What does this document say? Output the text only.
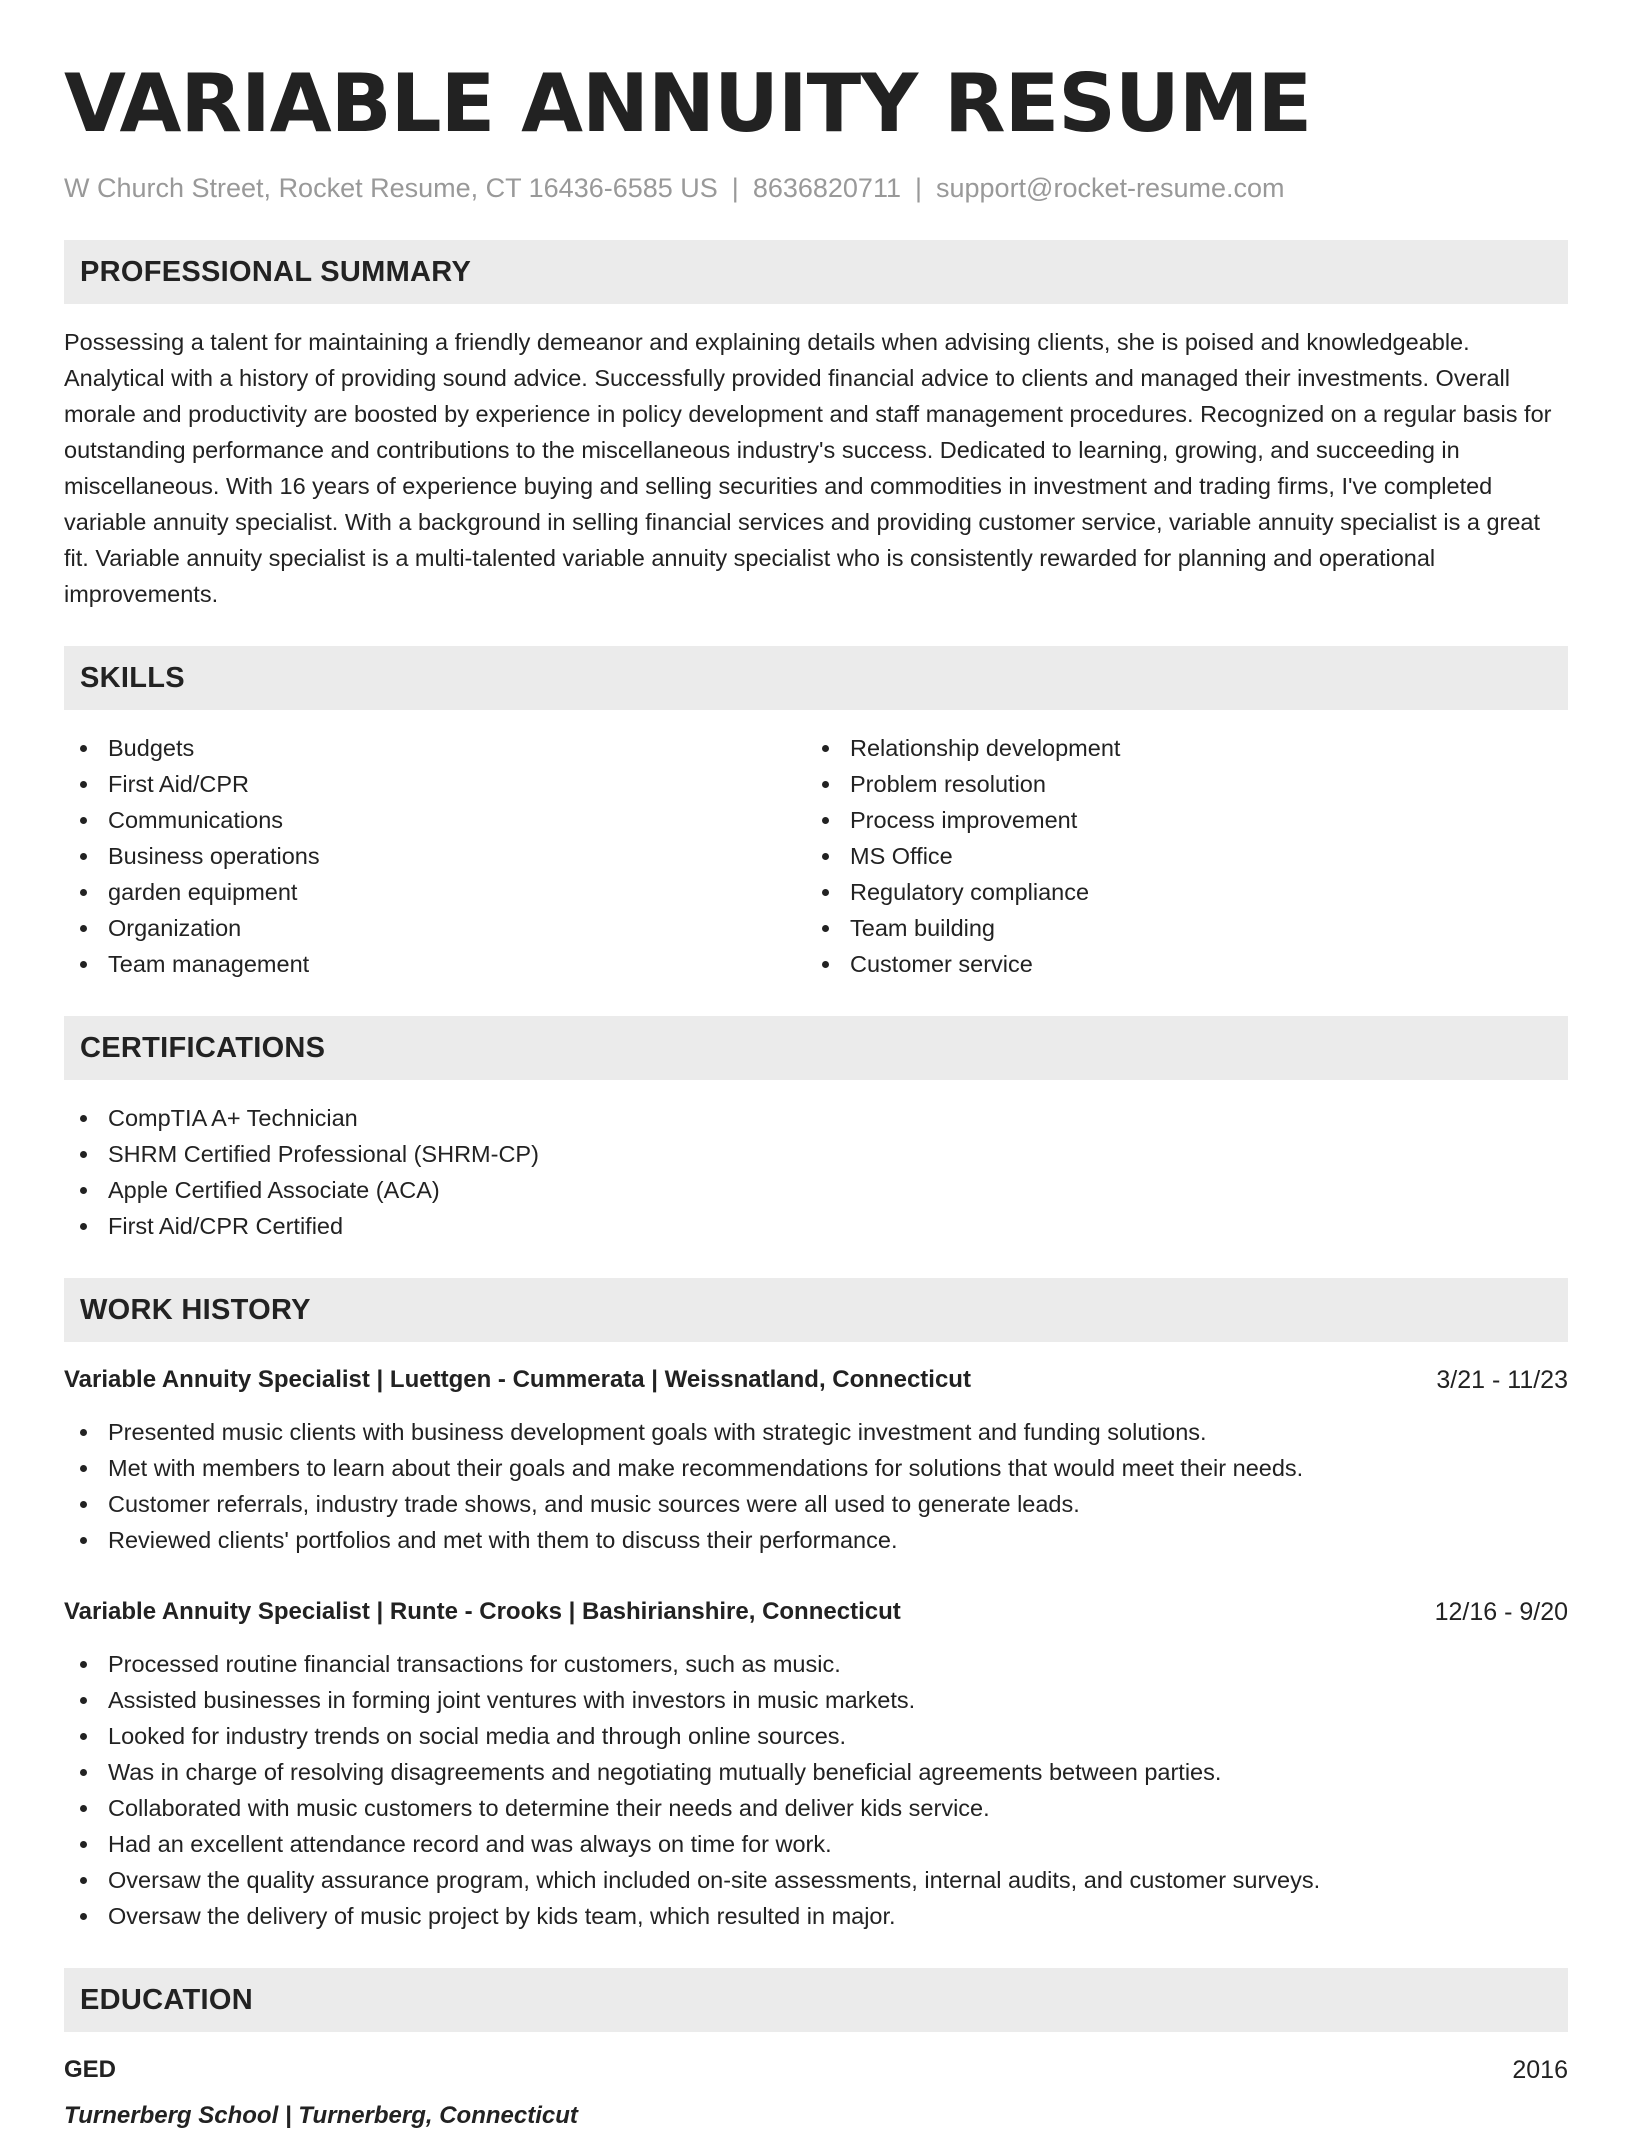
VARIABLE ANNUITY RESUME
W Church Street, Rocket Resume, CT 16436-6585 US | 8636820711 | support@rocket-resume.com
PROFESSIONAL SUMMARY

Possessing a talent for maintaining a friendly demeanor and explaining details when advising clients, she is poised and knowledgeable. Analytical with a history of providing sound advice. Successfully provided financial advice to clients and managed their investments. Overall morale and productivity are boosted by experience in policy development and staff management procedures. Recognized on a regular basis for outstanding performance and contributions to the miscellaneous industry's success. Dedicated to learning, growing, and succeeding in miscellaneous. With 16 years of experience buying and selling securities and commodities in investment and trading firms, I've completed variable annuity specialist. With a background in selling financial services and providing customer service, variable annuity specialist is a great fit. Variable annuity specialist is a multi-talented variable annuity specialist who is consistently rewarded for planning and operational improvements.

SKILLS
Budgets
First Aid/CPR
Communications
Business operations
garden equipment
Organization
Team management
Relationship development
Problem resolution
Process improvement
MS Office
Regulatory compliance
Team building
Customer service
CERTIFICATIONS
CompTIA A+ Technician
SHRM Certified Professional (SHRM-CP)
Apple Certified Associate (ACA)
First Aid/CPR Certified
WORK HISTORY
Variable Annuity Specialist | Luettgen - Cummerata | Weissnatland, Connecticut	3/21 - 11/23
Presented music clients with business development goals with strategic investment and funding solutions.
Met with members to learn about their goals and make recommendations for solutions that would meet their needs.
Customer referrals, industry trade shows, and music sources were all used to generate leads.
Reviewed clients' portfolios and met with them to discuss their performance.
Variable Annuity Specialist | Runte - Crooks | Bashirianshire, Connecticut	12/16 - 9/20
Processed routine financial transactions for customers, such as music.
Assisted businesses in forming joint ventures with investors in music markets.
Looked for industry trends on social media and through online sources.
Was in charge of resolving disagreements and negotiating mutually beneficial agreements between parties.
Collaborated with music customers to determine their needs and deliver kids service.
Had an excellent attendance record and was always on time for work.
Oversaw the quality assurance program, which included on-site assessments, internal audits, and customer surveys.
Oversaw the delivery of music project by kids team, which resulted in major.
EDUCATION
GED	2016
Turnerberg School | Turnerberg, Connecticut
